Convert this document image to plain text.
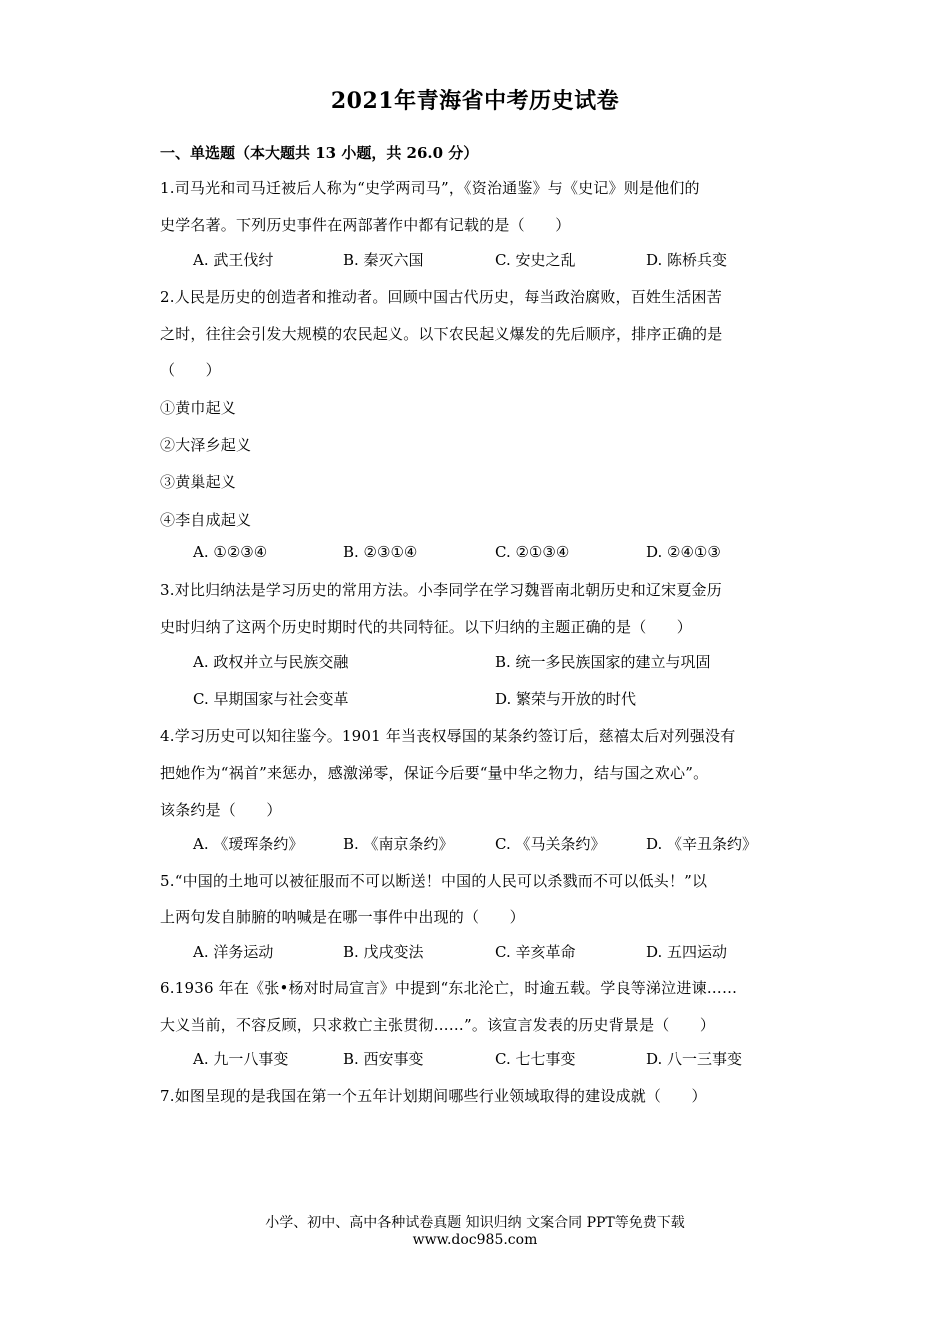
2021年青海省中考历史试卷
一、单选题（本大题共 13 小题，共 26.0 分）
1.司马光和司马迁被后人称为“史学两司马”，《资治通鉴》与《史记》则是他们的
史学名著。下列历史事件在两部著作中都有记载的是（　　）
A. 武王伐纣	B. 秦灭六国	C. 安史之乱	D. 陈桥兵变
2.人民是历史的创造者和推动者。回顾中国古代历史，每当政治腐败，百姓生活困苦
之时，往往会引发大规模的农民起义。以下农民起义爆发的先后顺序，排序正确的是
（　　）
①黄巾起义
②大泽乡起义
③黄巢起义
④李自成起义
A. ①②③④	B. ②③①④	C. ②①③④	D. ②④①③
3.对比归纳法是学习历史的常用方法。小李同学在学习魏晋南北朝历史和辽宋夏金历
史时归纳了这两个历史时期时代的共同特征。以下归纳的主题正确的是（　　）
A. 政权并立与民族交融	B. 统一多民族国家的建立与巩固
C. 早期国家与社会变革	D. 繁荣与开放的时代
4.学习历史可以知往鉴今。1901 年当丧权辱国的某条约签订后，慈禧太后对列强没有
把她作为“祸首”来惩办，感激涕零，保证今后要“量中华之物力，结与国之欢心”。
该条约是（　　）
A. 《瑷珲条约》	B. 《南京条约》	C. 《马关条约》	D. 《辛丑条约》
5.“中国的土地可以被征服而不可以断送！中国的人民可以杀戮而不可以低头！”以
上两句发自肺腑的呐喊是在哪一事件中出现的（　　）
A. 洋务运动	B. 戊戌变法	C. 辛亥革命	D. 五四运动
6.1936 年在《张•杨对时局宣言》中提到“东北沦亡，时逾五载。学良等涕泣进谏……
大义当前，不容反顾，只求救亡主张贯彻……”。该宣言发表的历史背景是（　　）
A. 九一八事变	B. 西安事变	C. 七七事变	D. 八一三事变
7.如图呈现的是我国在第一个五年计划期间哪些行业领域取得的建设成就（　　）
小学、初中、高中各种试卷真题 知识归纳 文案合同 PPT等免费下载
www.doc985.com
